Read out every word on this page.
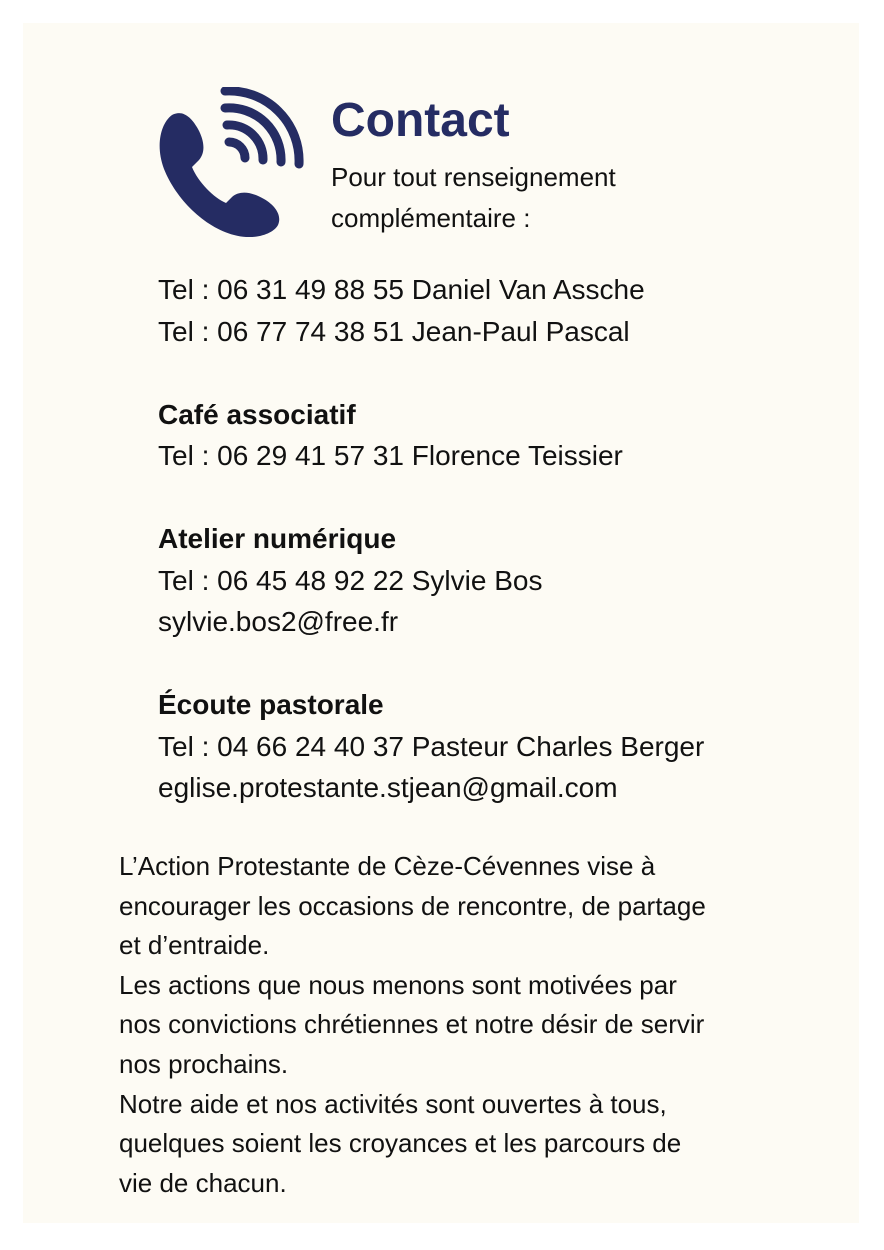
Contact

Pour tout renseignement
complémentaire :

Tel : 06 31 49 88 55 Daniel Van Assche
Tel : 06 77 74 38 51 Jean-Paul Pascal
Café associatif
Tel : 06 29 41 57 31 Florence Teissier
Atelier numérique
Tel : 06 45 48 92 22 Sylvie Bos
sylvie.bos2@free.fr
Écoute pastorale
Tel : 04 66 24 40 37 Pasteur Charles Berger
eglise.protestante.stjean@gmail.com
L’Action Protestante de Cèze-Cévennes vise à
encourager les occasions de rencontre, de partage
et d’entraide.
Les actions que nous menons sont motivées par
nos convictions chrétiennes et notre désir de servir
nos prochains.
Notre aide et nos activités sont ouvertes à tous,
quelques soient les croyances et les parcours de
vie de chacun.
